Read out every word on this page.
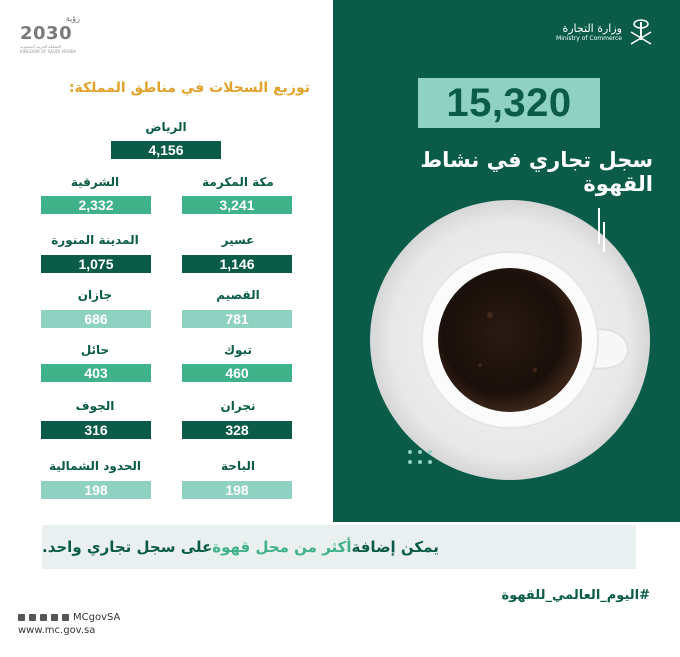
رؤية
2030
المملكة العربية السعودية
KINGDOM OF SAUDI ARABIA
وزارة التجارة
Ministry of Commerce
15,320
سجل تجاري في نشاط القهوة
توزيع السجلات في مناطق المملكة:
الرياض
4,156
مكة المكرمة
3,241
الشرقية
2,332
عسير
1,146
المدينة المنورة
1,075
القصيم
781
جازان
686
تبوك
460
حائل
403
نجران
328
الجوف
316
الباحة
198
الحدود الشمالية
198
يمكن إضافة
أكثر من محل قهوة
على سجل تجاري واحد.
#اليوم_العالمي_للقهوة
MCgovSA
www.mc.gov.sa
